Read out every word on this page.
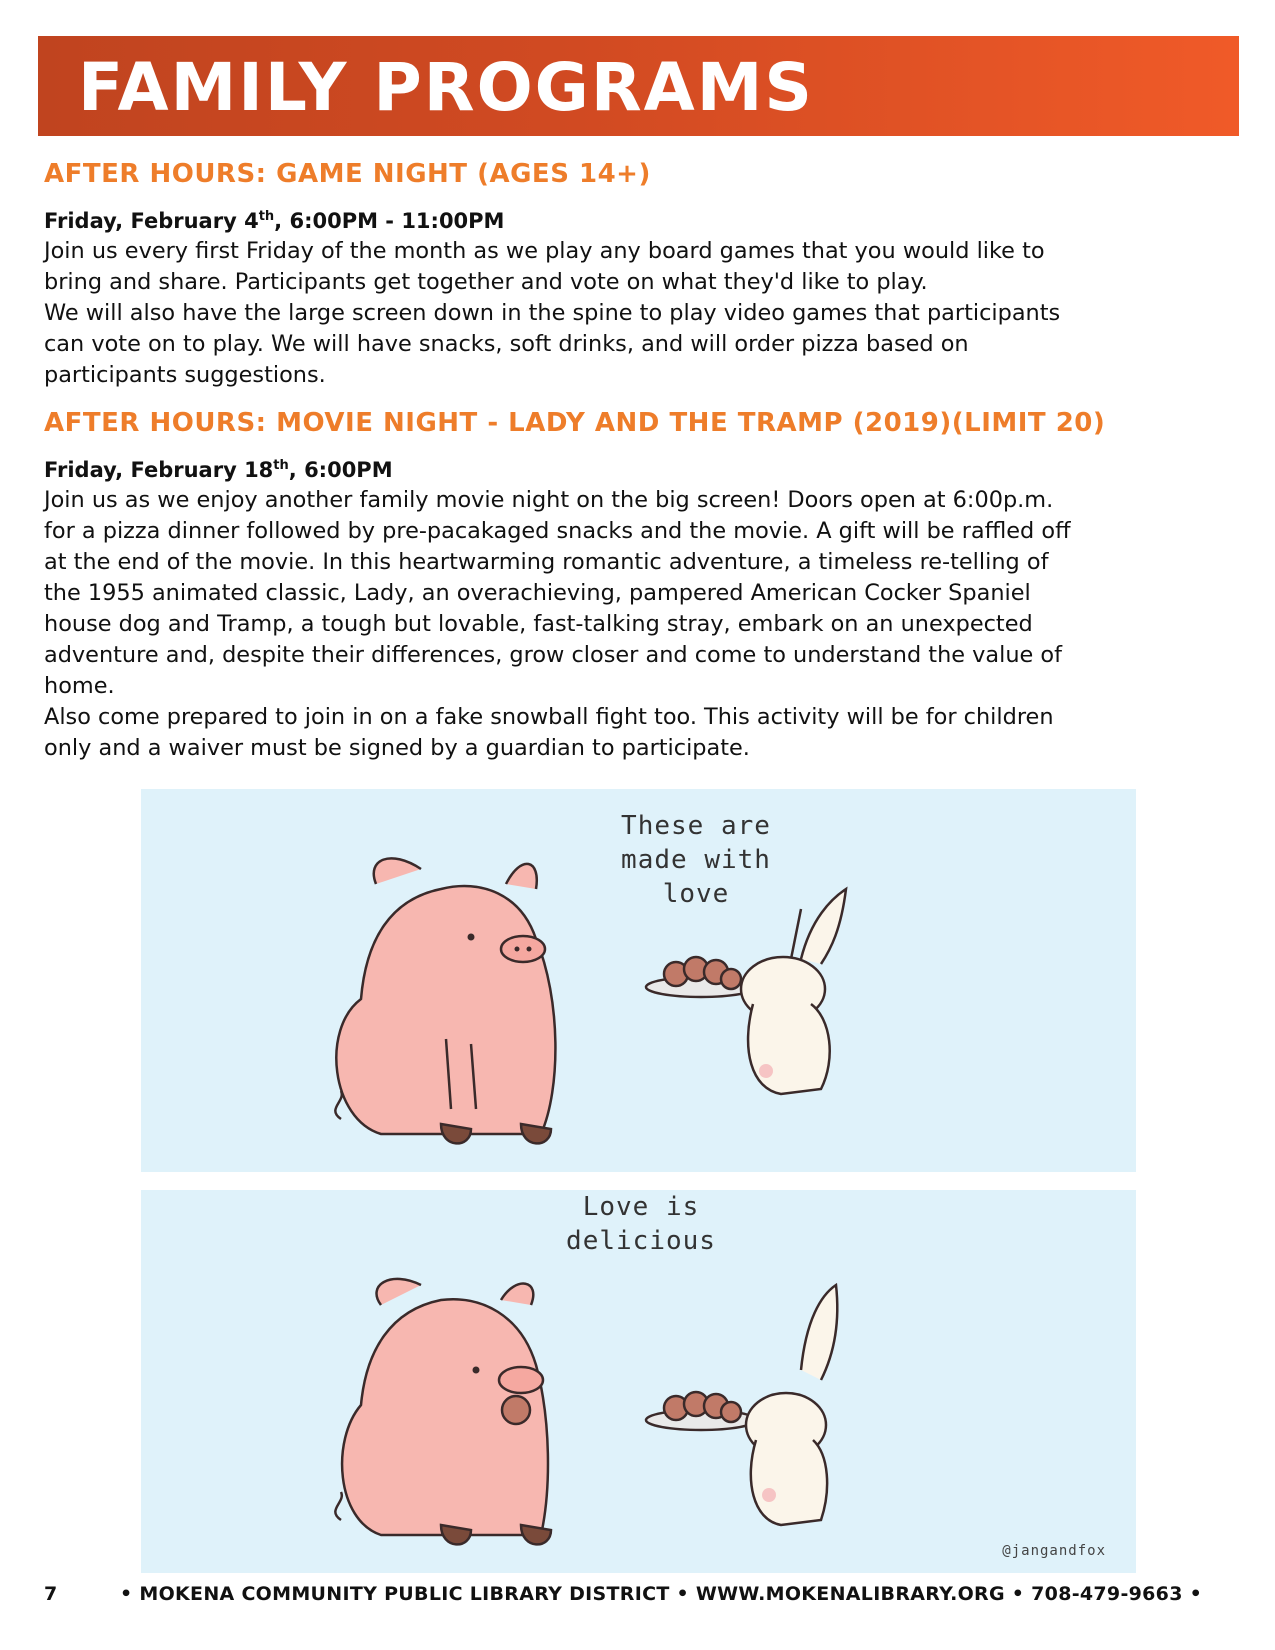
FAMILY PROGRAMS
AFTER HOURS: GAME NIGHT (AGES 14+)

Friday, February 4th, 6:00PM - 11:00PM

Join us every first Friday of the month as we play any board games that you would like to
bring and share. Participants get together and vote on what they'd like to play.
We will also have the large screen down in the spine to play video games that participants
can vote on to play. We will have snacks, soft drinks, and will order pizza based on
participants suggestions.

AFTER HOURS: MOVIE NIGHT - LADY AND THE TRAMP (2019)(LIMIT 20)

Friday, February 18th, 6:00PM

Join us as we enjoy another family movie night on the big screen! Doors open at 6:00p.m.
for a pizza dinner followed by pre-pacakaged snacks and the movie. A gift will be raffled off
at the end of the movie. In this heartwarming romantic adventure, a timeless re-telling of
the 1955 animated classic, Lady, an overachieving, pampered American Cocker Spaniel
house dog and Tramp, a tough but lovable, fast-talking stray, embark on an unexpected
adventure and, despite their differences, grow closer and come to understand the value of
home.
Also come prepared to join in on a fake snowball fight too. This activity will be for children
only and a waiver must be signed by a guardian to participate.

These are
made with
love
Love is
delicious
@jangandfox
7	• MOKENA COMMUNITY PUBLIC LIBRARY DISTRICT • WWW.MOKENALIBRARY.ORG • 708-479-9663 •
